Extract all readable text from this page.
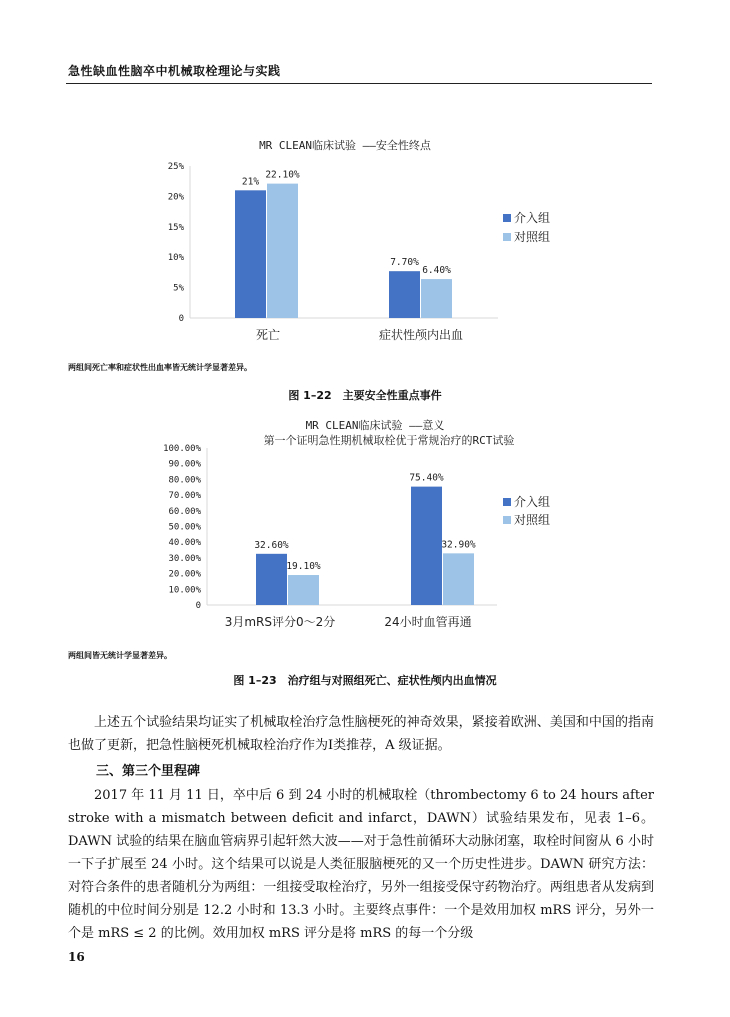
急性缺血性脑卒中机械取栓理论与实践
MR CLEAN临床试验 ——安全性终点
0
5%
10%
15%
20%
25%
21%
22.10%
7.70%
6.40%
死亡	症状性颅内出血
介入组
对照组
两组间死亡率和症状性出血率皆无统计学显著差异。
图 1–22　主要安全性重点事件
MR CLEAN临床试验 ——意义
第一个证明急性期机械取栓优于常规治疗的RCT试验
0
10.00%
20.00%
30.00%
40.00%
50.00%
60.00%
70.00%
80.00%
90.00%
100.00%
32.60%
19.10%
75.40%
32.90%
3月mRS评分0～2分	24小时血管再通
介入组
对照组
两组间皆无统计学显著差异。
图 1–23　治疗组与对照组死亡、症状性颅内出血情况

上述五个试验结果均证实了机械取栓治疗急性脑梗死的神奇效果，紧接着欧洲、美国和中国的指南也做了更新，把急性脑梗死机械取栓治疗作为Ⅰ类推荐，A 级证据。

三、第三个里程碑

2017 年 11 月 11 日，卒中后 6 到 24 小时的机械取栓（thrombectomy 6 to 24 hours after stroke with a mismatch between deficit and infarct，DAWN）试验结果发布，见表 1–6。DAWN 试验的结果在脑血管病界引起轩然大波——对于急性前循环大动脉闭塞，取栓时间窗从 6 小时一下子扩展至 24 小时。这个结果可以说是人类征服脑梗死的又一个历史性进步。DAWN 研究方法：对符合条件的患者随机分为两组：一组接受取栓治疗，另外一组接受保守药物治疗。两组患者从发病到随机的中位时间分别是 12.2 小时和 13.3 小时。主要终点事件：一个是效用加权 mRS 评分，另外一个是 mRS ≤ 2 的比例。效用加权 mRS 评分是将 mRS 的每一个分级

16
